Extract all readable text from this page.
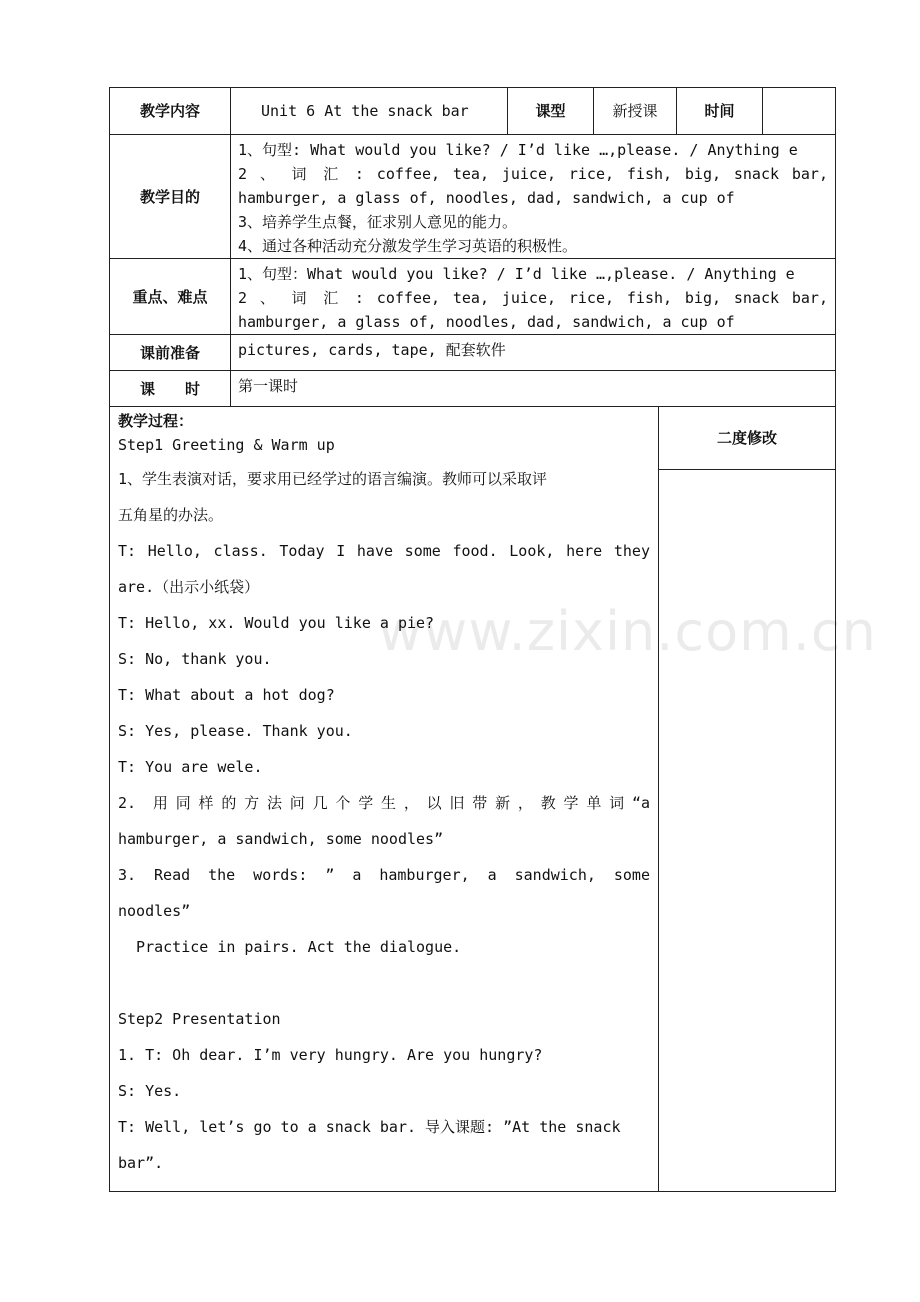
www.zixin.com.cn
教学内容	Unit 6 At the snack bar	课型	新授课	时间	
教学目的	1、句型: What would you like? / I’d like …,please. / Anything e
2 、 词 汇 : coffee, tea, juice, rice, fish, big, snack bar,
hamburger, a glass of, noodles, dad, sandwich, a cup of
3、培养学生点餐，征求别人意见的能力。
4、通过各种活动充分激发学生学习英语的积极性。				

重点、难点	1、句型：What would you like? / I’d like …,please. / Anything e
2 、 词 汇 : coffee, tea, juice, rice, fish, big, snack bar,
hamburger, a glass of, noodles, dad, sandwich, a cup of				

课前准备	pictures, cards, tape, 配套软件				
课　　时	第一课时				
教学过程：
Step1 Greeting & Warm up
1、学生表演对话，要求用已经学过的语言编演。教师可以采取评
五角星的办法。
T: Hello, class. Today I have some food. Look, here they
are.（出示小纸袋）
T: Hello, xx. Would you like a pie?
S: No, thank you.
T: What about a hot dog?
S: Yes, please. Thank you.
T: You are wele.
2. 用同样的方法问几个学生，以旧带新，教学单词“a
hamburger, a sandwich, some noodles”
3. Read the words: ” a hamburger, a sandwich, some
noodles”
Practice in pairs. Act the dialogue.

Step2 Presentation
1. T: Oh dear. I’m very hungry. Are you hungry?
S: Yes.
T: Well, let’s go to a snack bar. 导入课题: ”At the snack
bar”.

二度修改
